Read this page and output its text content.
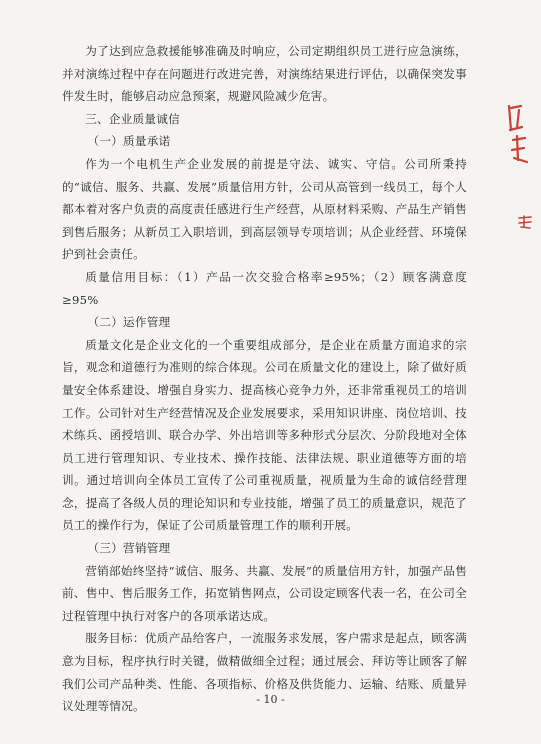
为了达到应急救援能够准确及时响应，公司定期组织员工进行应急演练，并对演练过程中存在问题进行改进完善，对演练结果进行评估，以确保突发事件发生时，能够启动应急预案，规避风险减少危害。

三、企业质量诚信

（一）质量承诺

作为一个电机生产企业发展的前提是守法、诚实、守信。公司所秉持的“诚信、服务、共赢、发展”质量信用方针，公司从高管到一线员工，每个人都本着对客户负责的高度责任感进行生产经营，从原材料采购、产品生产销售到售后服务；从新员工入职培训，到高层领导专项培训；从企业经营、环境保护到社会责任。

质量信用目标：（1）产品一次交验合格率≥95%；（2）顾客满意度≥95%

（二）运作管理

质量文化是企业文化的一个重要组成部分，是企业在质量方面追求的宗旨，观念和道德行为准则的综合体现。公司在质量文化的建设上，除了做好质量安全体系建设、增强自身实力、提高核心竞争力外，还非常重视员工的培训工作。公司针对生产经营情况及企业发展要求，采用知识讲座、岗位培训、技术练兵、函授培训、联合办学、外出培训等多种形式分层次、分阶段地对全体员工进行管理知识、专业技术、操作技能、法律法规、职业道德等方面的培训。通过培训向全体员工宣传了公司重视质量，视质量为生命的诚信经营理念，提高了各级人员的理论知识和专业技能，增强了员工的质量意识，规范了员工的操作行为，保证了公司质量管理工作的顺利开展。

（三）营销管理

营销部始终坚持“诚信、服务、共赢、发展”的质量信用方针，加强产品售前、售中、售后服务工作，拓宽销售网点，公司设定顾客代表一名，在公司全过程管理中执行对客户的各项承诺达成。

服务目标：优质产品给客户，一流服务求发展，客户需求是起点，顾客满意为目标，程序执行时关键，做精做细全过程；通过展会、拜访等让顾客了解我们公司产品种类、性能、各项指标、价格及供货能力、运输、结账、质量异议处理等情况。	- 10 -
